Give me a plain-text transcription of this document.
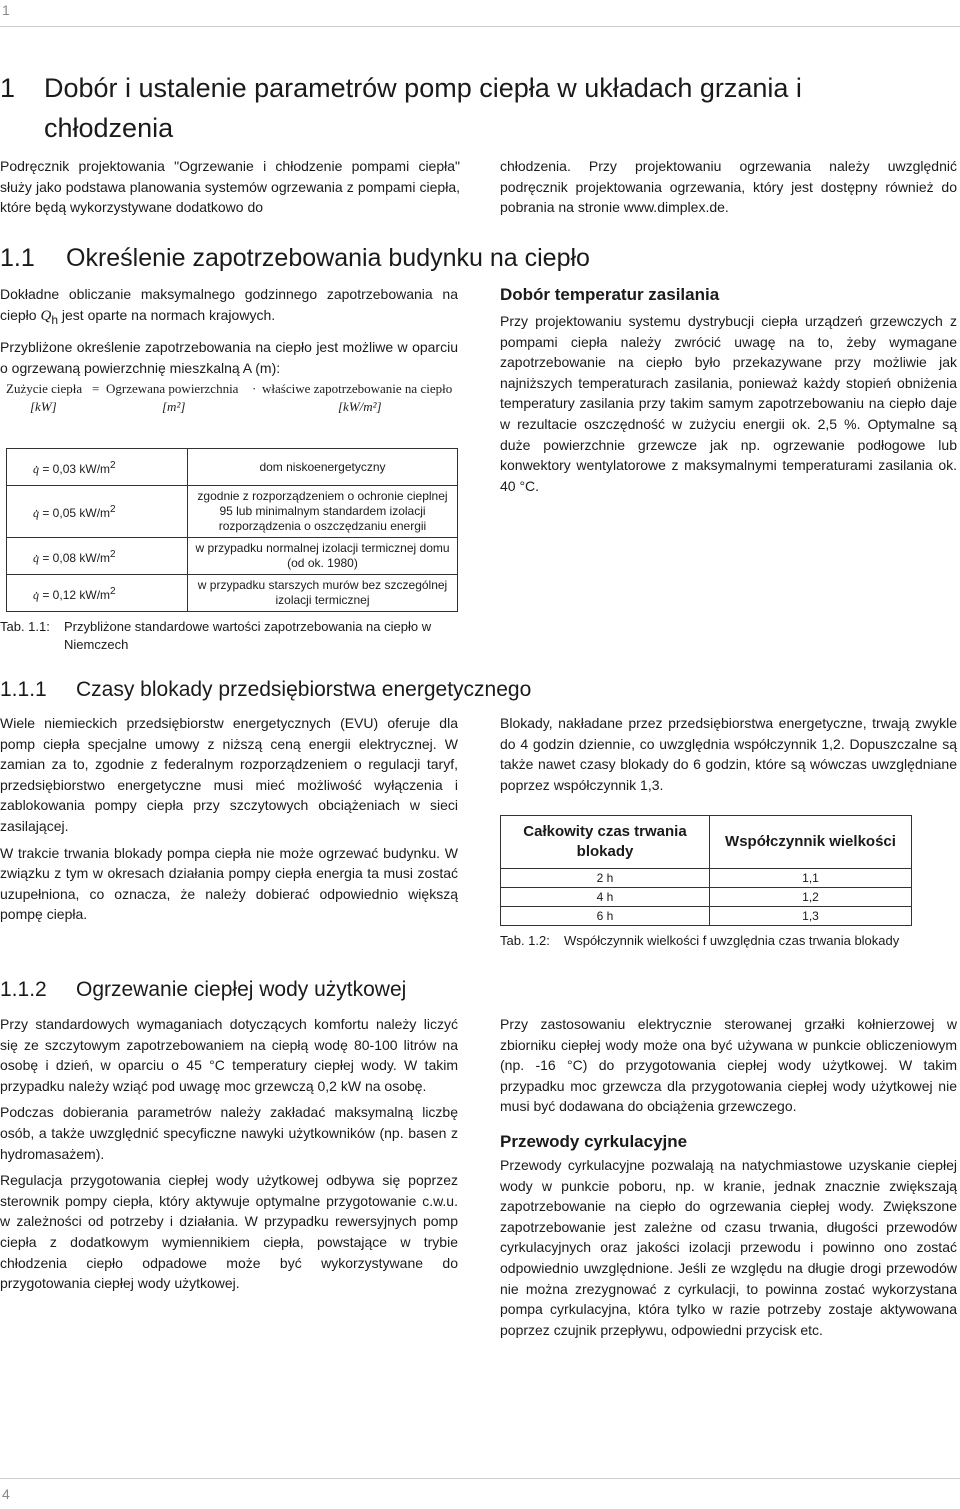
1
1	Dobór i ustalenie parametrów pomp ciepła w układach grzania i
chłodzenia

Podręcznik projektowania "Ogrzewanie i chłodzenie pompami ciepła" służy jako podstawa planowania systemów ogrzewania z pompami ciepła, które będą wykorzystywane dodatkowo do

chłodzenia. Przy projektowaniu ogrzewania należy uwzględnić podręcznik projektowania ogrzewania, który jest dostępny również do pobrania na stronie www.dimplex.de.

1.1	Określenie zapotrzebowania budynku na ciepło

Dokładne obliczanie maksymalnego godzinnego zapotrzebowania na ciepło $Q_h$ jest oparte na normach krajowych.

Przybliżone określenie zapotrzebowania na ciepło jest możliwe w oparciu o ogrzewaną powierzchnię mieszkalną A (m):

Zużycie ciepła = Ogrzewana powierzchnia · właściwe zapotrzebowanie na ciepło
[kW]	[m²]	[kW/m²]
q̇ = 0,03 $kW/m^2$	dom niskoenergetyczny
q̇ = 0,05 $kW/m^2$	zgodnie z rozporządzeniem o ochronie cieplnej 95 lub minimalnym standardem izolacji rozporządzenia o oszczędzaniu energii
q̇ = 0,08 $kW/m^2$	w przypadku normalnej izolacji termicznej domu (od ok. 1980)
q̇ = 0,12 $kW/m^2$	w przypadku starszych murów bez szczególnej izolacji termicznej
Tab. 1.1:	Przybliżone standardowe wartości zapotrzebowania na ciepło w Niemczech
Dobór temperatur zasilania

Przy projektowaniu systemu dystrybucji ciepła urządzeń grzewczych z pompami ciepła należy zwrócić uwagę na to, żeby wymagane zapotrzebowanie na ciepło było przekazywane przy możliwie jak najniższych temperaturach zasilania, ponieważ każdy stopień obniżenia temperatury zasilania przy takim samym zapotrzebowaniu na ciepło daje w rezultacie oszczędność w zużyciu energii ok. 2,5 %. Optymalne są duże powierzchnie grzewcze jak np. ogrzewanie podłogowe lub konwektory wentylatorowe z maksymalnymi temperaturami zasilania ok. 40 °C.

1.1.1	Czasy blokady przedsiębiorstwa energetycznego

Wiele niemieckich przedsiębiorstw energetycznych (EVU) oferuje dla pomp ciepła specjalne umowy z niższą ceną energii elektrycznej. W zamian za to, zgodnie z federalnym rozporządzeniem o regulacji taryf, przedsiębiorstwo energetyczne musi mieć możliwość wyłączenia i zablokowania pompy ciepła przy szczytowych obciążeniach w sieci zasilającej.

W trakcie trwania blokady pompa ciepła nie może ogrzewać budynku. W związku z tym w okresach działania pompy ciepła energia ta musi zostać uzupełniona, co oznacza, że należy dobierać odpowiednio większą pompę ciepła.

Blokady, nakładane przez przedsiębiorstwa energetyczne, trwają zwykle do 4 godzin dziennie, co uwzględnia współczynnik 1,2. Dopuszczalne są także nawet czasy blokady do 6 godzin, które są wówczas uwzględniane poprzez współczynnik 1,3.

Całkowity czas trwania blokady	Współczynnik wielkości
2 h	1,1
4 h	1,2
6 h	1,3
Tab. 1.2:	Współczynnik wielkości f uwzględnia czas trwania blokady
1.1.2	Ogrzewanie ciepłej wody użytkowej

Przy standardowych wymaganiach dotyczących komfortu należy liczyć się ze szczytowym zapotrzebowaniem na ciepłą wodę 80-100 litrów na osobę i dzień, w oparciu o 45 °C temperatury ciepłej wody. W takim przypadku należy wziąć pod uwagę moc grzewczą 0,2 kW na osobę.

Podczas dobierania parametrów należy zakładać maksymalną liczbę osób, a także uwzględnić specyficzne nawyki użytkowników (np. basen z hydromasażem).

Regulacja przygotowania ciepłej wody użytkowej odbywa się poprzez sterownik pompy ciepła, który aktywuje optymalne przygotowanie c.w.u. w zależności od potrzeby i działania. W przypadku rewersyjnych pomp ciepła z dodatkowym wymiennikiem ciepła, powstające w trybie chłodzenia ciepło odpadowe może być wykorzystywane do przygotowania ciepłej wody użytkowej.

Przy zastosowaniu elektrycznie sterowanej grzałki kołnierzowej w zbiorniku ciepłej wody może ona być używana w punkcie obliczeniowym (np. -16 °C) do przygotowania ciepłej wody użytkowej. W takim przypadku moc grzewcza dla przygotowania ciepłej wody użytkowej nie musi być dodawana do obciążenia grzewczego.

Przewody cyrkulacyjne

Przewody cyrkulacyjne pozwalają na natychmiastowe uzyskanie ciepłej wody w punkcie poboru, np. w kranie, jednak znacznie zwiększają zapotrzebowanie na ciepło do ogrzewania ciepłej wody. Zwiększone zapotrzebowanie jest zależne od czasu trwania, długości przewodów cyrkulacyjnych oraz jakości izolacji przewodu i powinno ono zostać odpowiednio uwzględnione. Jeśli ze względu na długie drogi przewodów nie można zrezygnować z cyrkulacji, to powinna zostać wykorzystana pompa cyrkulacyjna, która tylko w razie potrzeby zostaje aktywowana poprzez czujnik przepływu, odpowiedni przycisk etc.

4
